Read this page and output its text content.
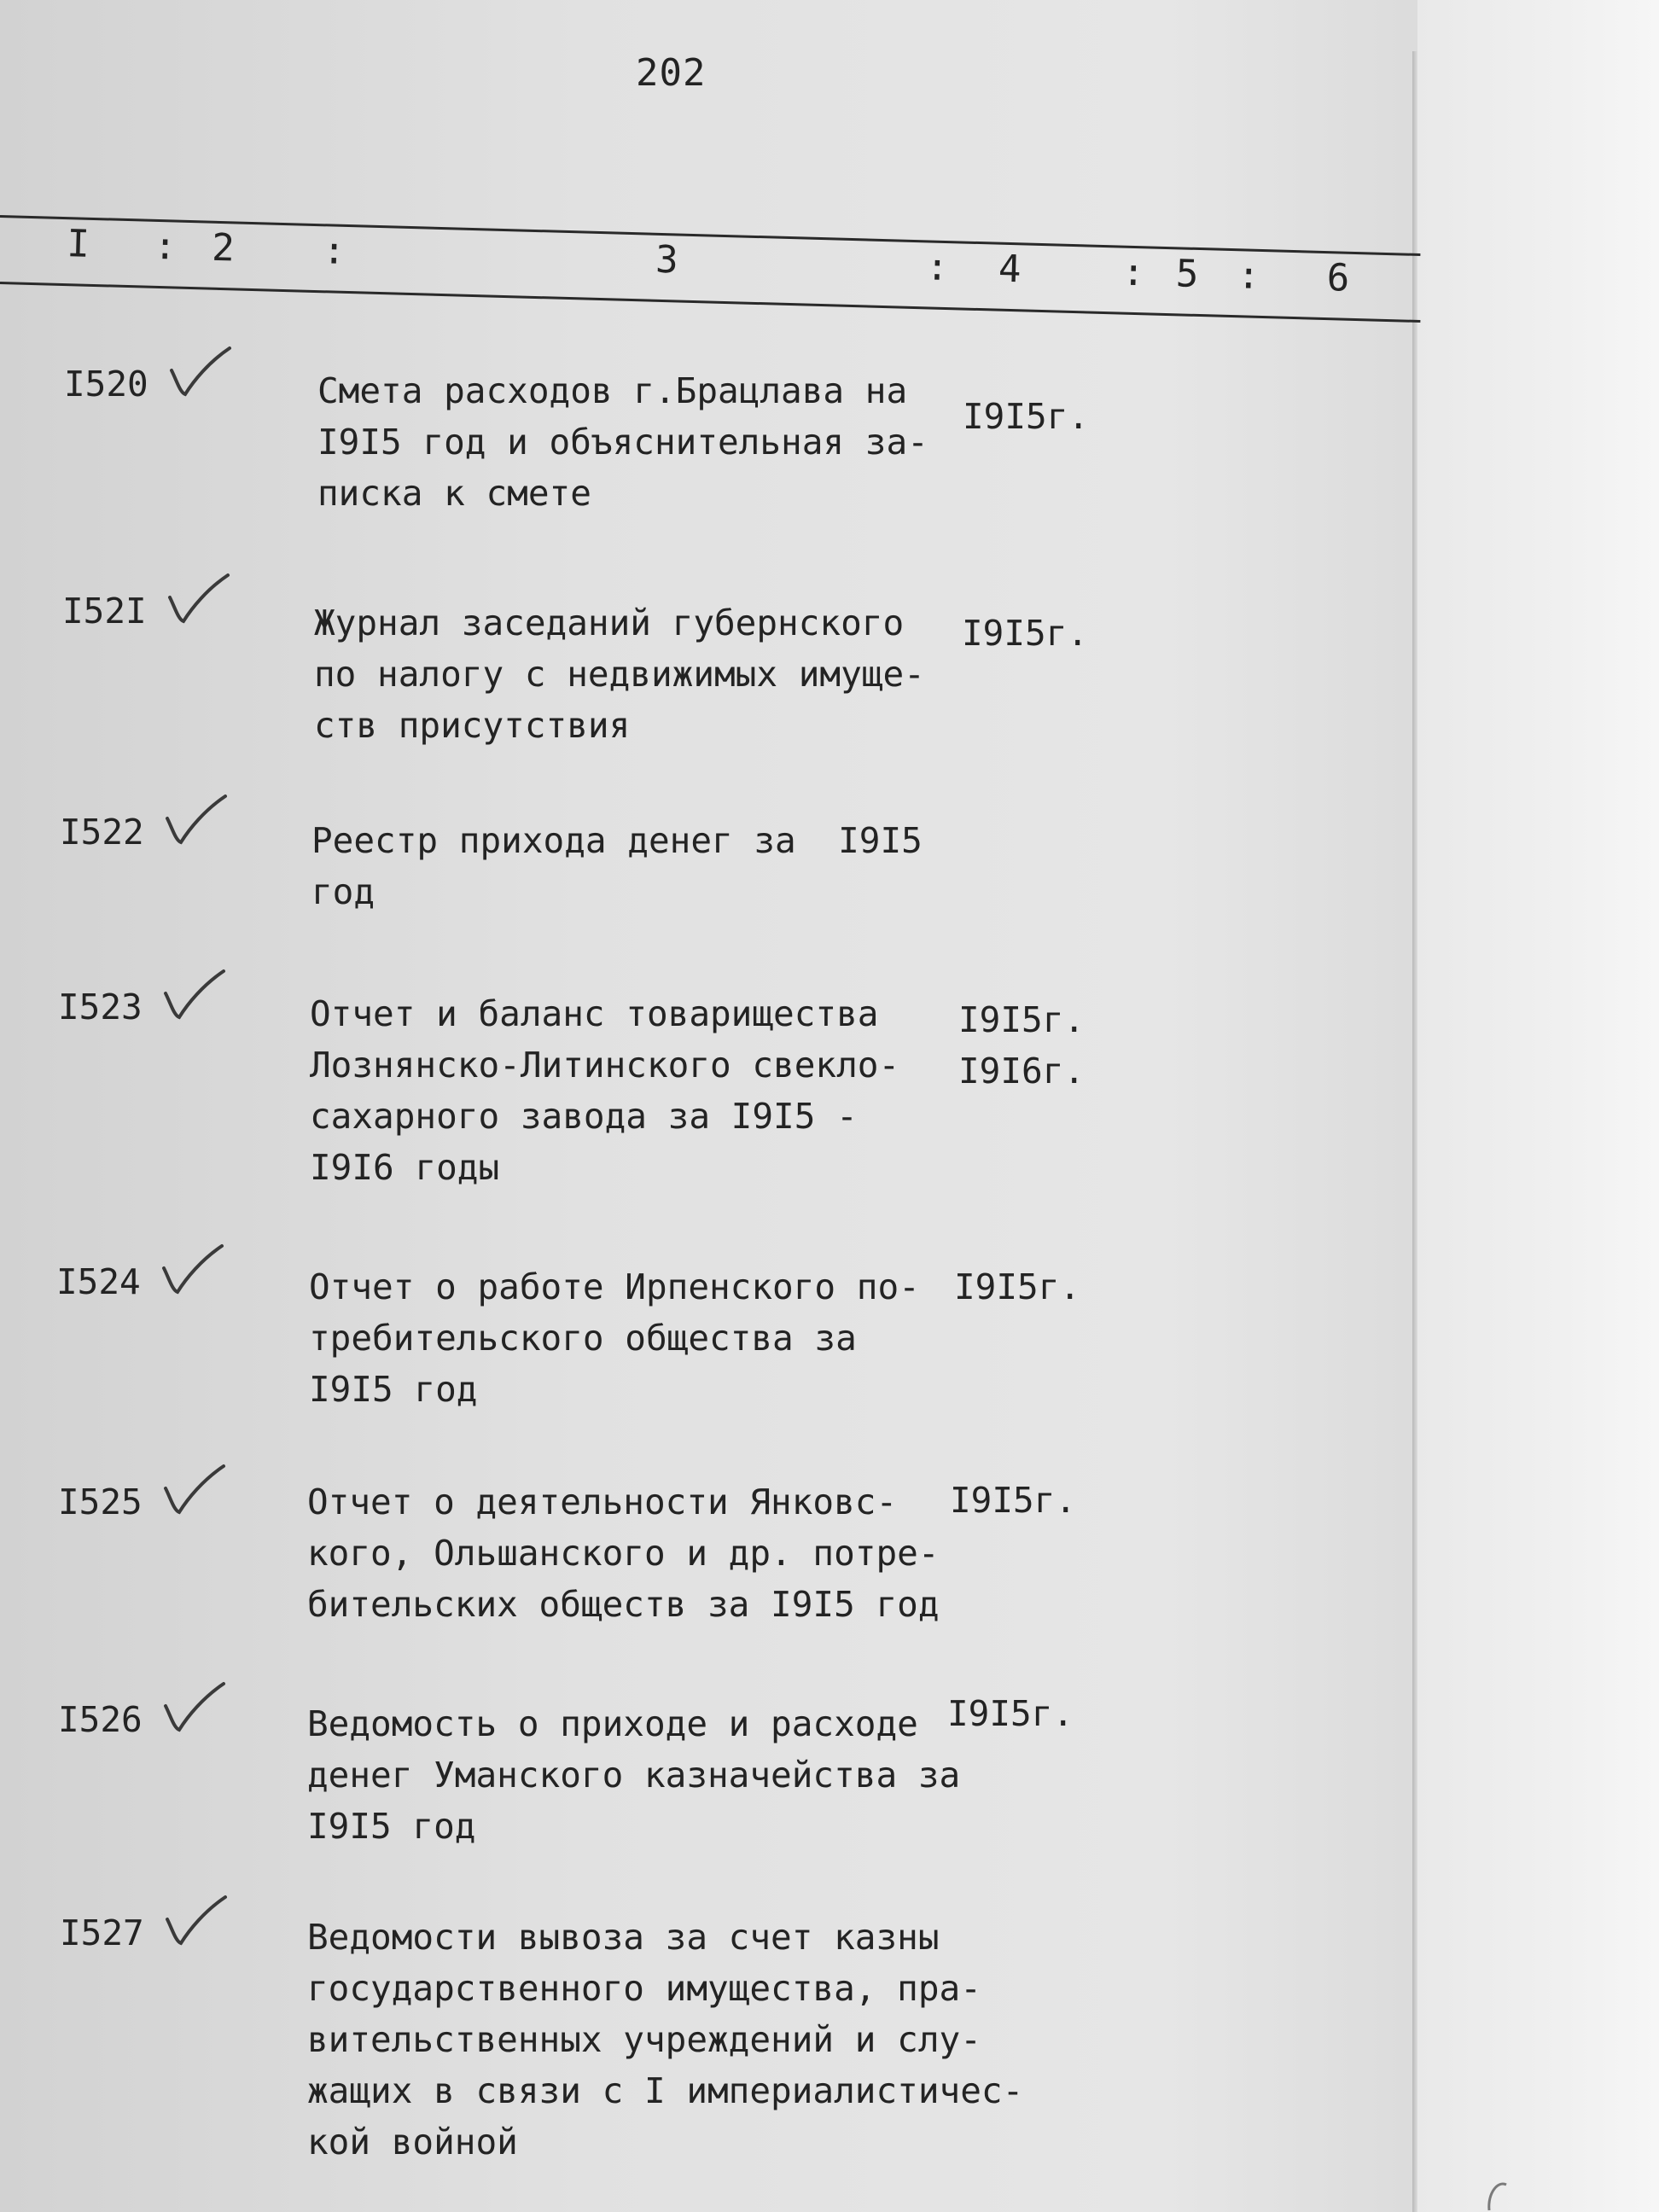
202
I : 2 :	3	: 4	: 5 : 6
I520	Смета расходов г.Брацлава на
I9I5 год и объяснительная за-
писка к смете
I9I5г.
I52I	Журнал заседаний губернского
по налогу с недвижимых имуще-
ств присутствия
I9I5г.
I522	Реестр прихода денег за  I9I5
год
I523	Отчет и баланс товарищества
Лознянско-Литинского свекло-
сахарного завода за I9I5 -
I9I6 годы
I9I5г.
I9I6г.
I524	Отчет о работе Ирпенского по-
требительского общества за
I9I5 год
I9I5г.
I525	Отчет о деятельности Янковс-
кого, Ольшанского и др. потре-
бительских обществ за I9I5 год
I9I5г.
I526	Ведомость о приходе и расходе
денег Уманского казначейства за
I9I5 год
I9I5г.
I527	Ведомости вывоза за счет казны
государственного имущества, пра-
вительственных учреждений и слу-
жащих в связи с I империалистичес-
кой войной
